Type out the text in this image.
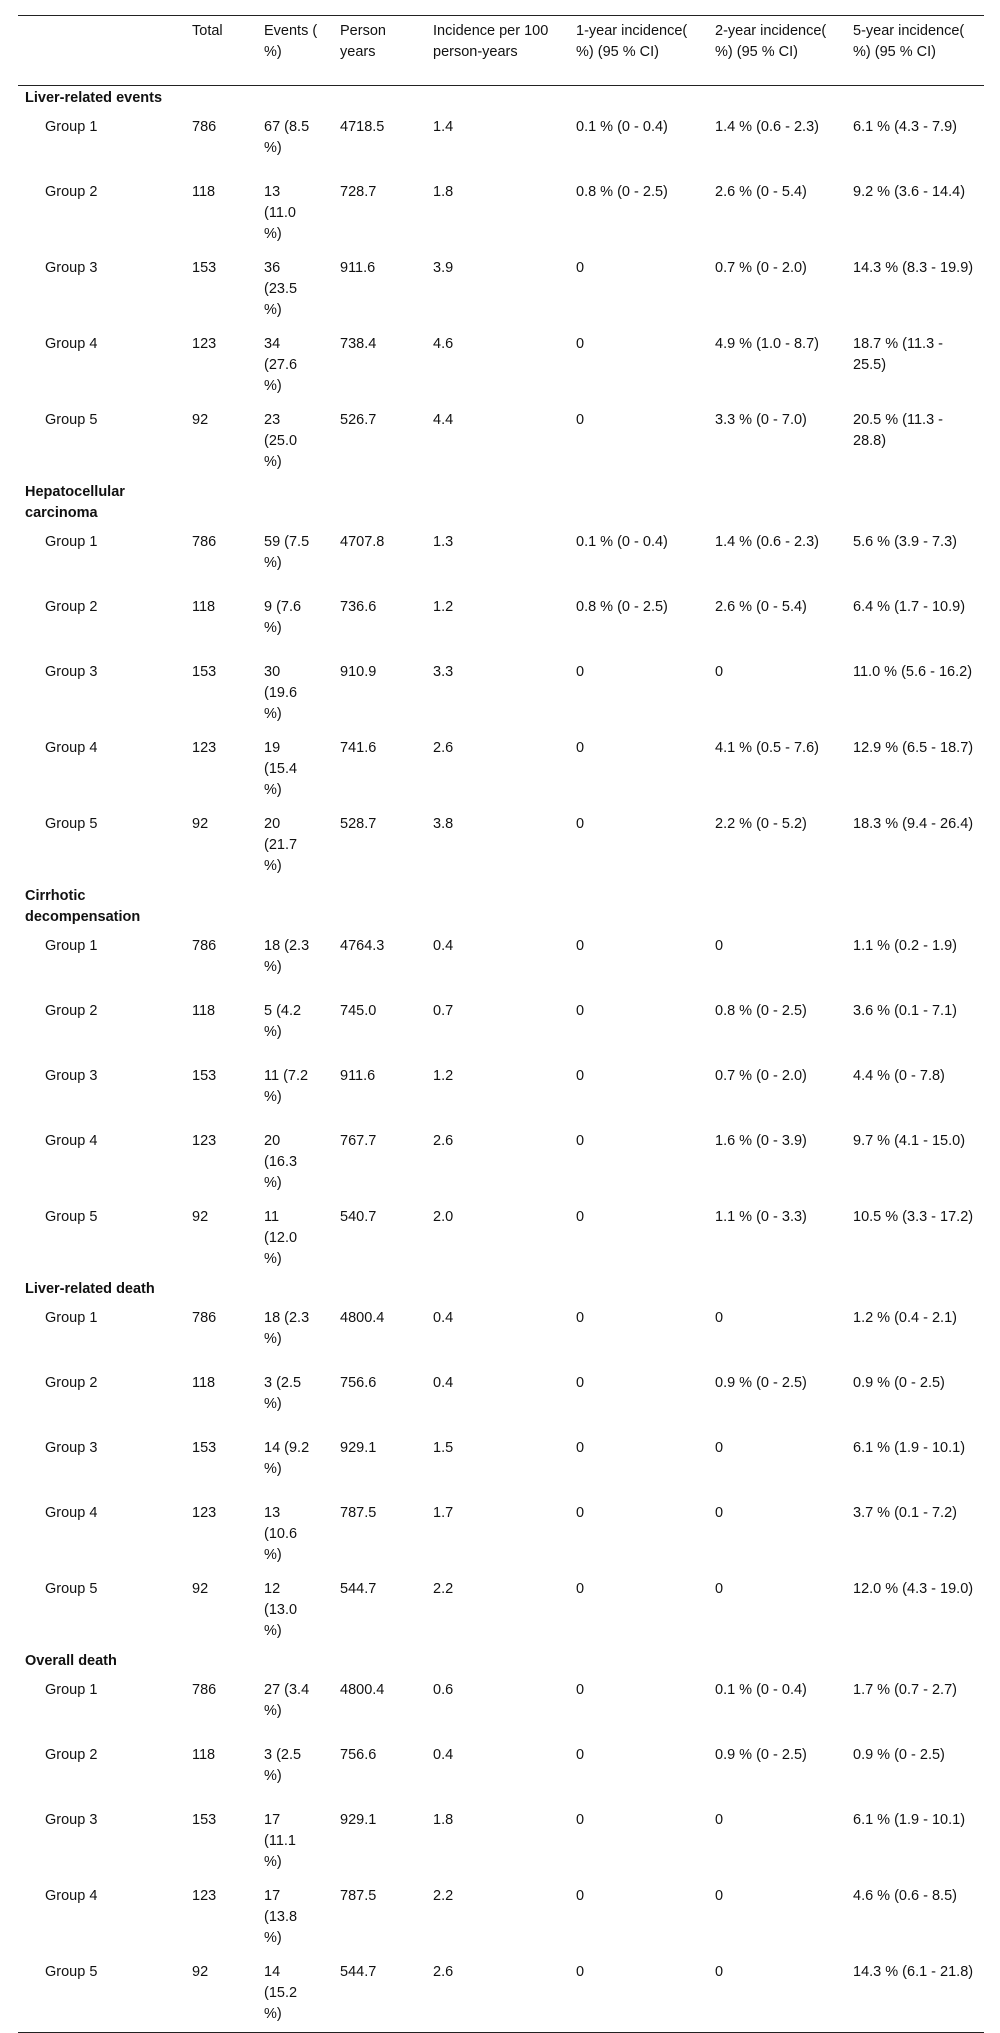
	Total	Events ( %)	Person years	Incidence per 100 person-years	1-year incidence( %) (95 % CI)	2-year incidence( %) (95 % CI)	5-year incidence( %) (95 % CI)
Liver-related events							
Group 1	786	67 (8.5 %)	4718.5	1.4	0.1 % (0 - 0.4)	1.4 % (0.6 - 2.3)	6.1 % (4.3 - 7.9)
Group 2	118	13 (11.0 %)	728.7	1.8	0.8 % (0 - 2.5)	2.6 % (0 - 5.4)	9.2 % (3.6 - 14.4)
Group 3	153	36 (23.5 %)	911.6	3.9	0	0.7 % (0 - 2.0)	14.3 % (8.3 - 19.9)
Group 4	123	34 (27.6 %)	738.4	4.6	0	4.9 % (1.0 - 8.7)	18.7 % (11.3 - 25.5)
Group 5	92	23 (25.0 %)	526.7	4.4	0	3.3 % (0 - 7.0)	20.5 % (11.3 - 28.8)
Hepatocellular carcinoma							
Group 1	786	59 (7.5 %)	4707.8	1.3	0.1 % (0 - 0.4)	1.4 % (0.6 - 2.3)	5.6 % (3.9 - 7.3)
Group 2	118	9 (7.6 %)	736.6	1.2	0.8 % (0 - 2.5)	2.6 % (0 - 5.4)	6.4 % (1.7 - 10.9)
Group 3	153	30 (19.6 %)	910.9	3.3	0	0	11.0 % (5.6 - 16.2)
Group 4	123	19 (15.4 %)	741.6	2.6	0	4.1 % (0.5 - 7.6)	12.9 % (6.5 - 18.7)
Group 5	92	20 (21.7 %)	528.7	3.8	0	2.2 % (0 - 5.2)	18.3 % (9.4 - 26.4)
Cirrhotic decompensation							
Group 1	786	18 (2.3 %)	4764.3	0.4	0	0	1.1 % (0.2 - 1.9)
Group 2	118	5 (4.2 %)	745.0	0.7	0	0.8 % (0 - 2.5)	3.6 % (0.1 - 7.1)
Group 3	153	11 (7.2 %)	911.6	1.2	0	0.7 % (0 - 2.0)	4.4 % (0 - 7.8)
Group 4	123	20 (16.3 %)	767.7	2.6	0	1.6 % (0 - 3.9)	9.7 % (4.1 - 15.0)
Group 5	92	11 (12.0 %)	540.7	2.0	0	1.1 % (0 - 3.3)	10.5 % (3.3 - 17.2)
Liver-related death							
Group 1	786	18 (2.3 %)	4800.4	0.4	0	0	1.2 % (0.4 - 2.1)
Group 2	118	3 (2.5 %)	756.6	0.4	0	0.9 % (0 - 2.5)	0.9 % (0 - 2.5)
Group 3	153	14 (9.2 %)	929.1	1.5	0	0	6.1 % (1.9 - 10.1)
Group 4	123	13 (10.6 %)	787.5	1.7	0	0	3.7 % (0.1 - 7.2)
Group 5	92	12 (13.0 %)	544.7	2.2	0	0	12.0 % (4.3 - 19.0)
Overall death							
Group 1	786	27 (3.4 %)	4800.4	0.6	0	0.1 % (0 - 0.4)	1.7 % (0.7 - 2.7)
Group 2	118	3 (2.5 %)	756.6	0.4	0	0.9 % (0 - 2.5)	0.9 % (0 - 2.5)
Group 3	153	17 (11.1 %)	929.1	1.8	0	0	6.1 % (1.9 - 10.1)
Group 4	123	17 (13.8 %)	787.5	2.2	0	0	4.6 % (0.6 - 8.5)
Group 5	92	14 (15.2 %)	544.7	2.6	0	0	14.3 % (6.1 - 21.8)
